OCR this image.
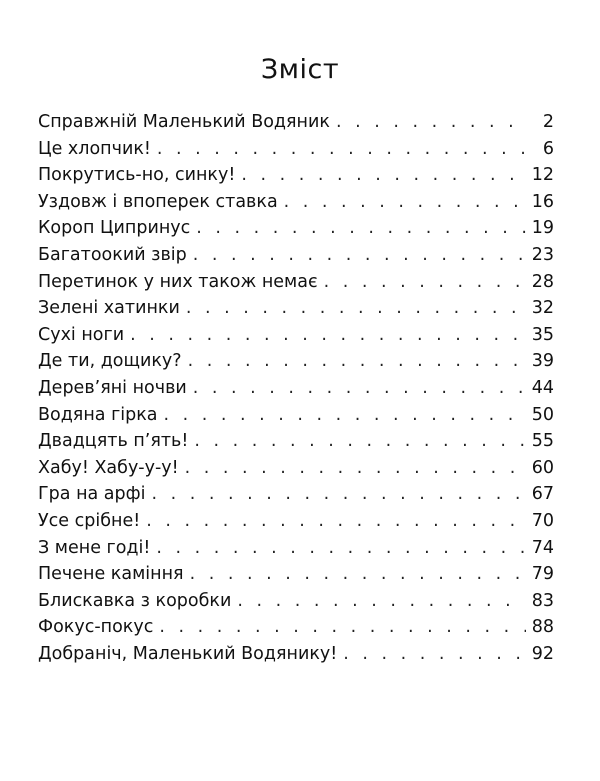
Зміст
Справжній Маленький Водяник . . .	2
Це хлопчик! . . .	6
Покрутись-но, синку! . . .	12
Уздовж і впоперек ставка . . .	16
Короп Ципринус . . .	19
Багатоокий звір . . .	23
Перетинок у них також немає . . .	28
Зелені хатинки . . .	32
Сухі ноги . . .	35
Де ти, дощику? . . .	39
Дерев’яні ночви . . .	44
Водяна гірка . . .	50
Двадцять п’ять! . . .	55
Хабу! Хабу-у-у! . . .	60
Гра на арфі . . .	67
Усе срібне! . . .	70
З мене годі! . . .	74
Печене каміння . . .	79
Блискавка з коробки . . .	83
Фокус-покус . . .	88
Добраніч, Маленький Водянику! . . .	92
